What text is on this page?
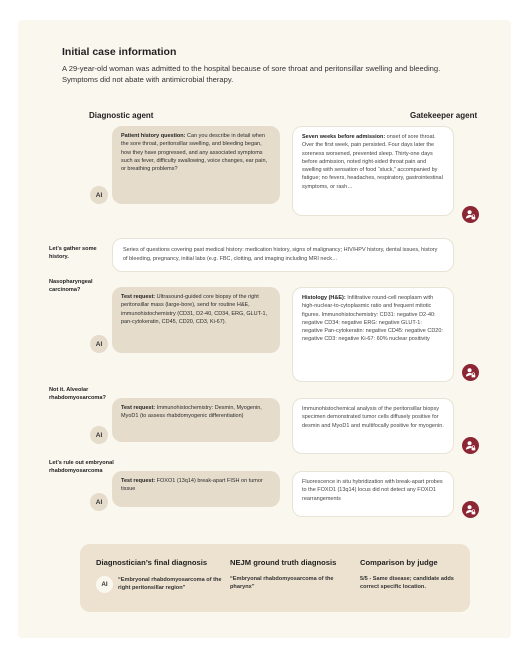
Initial case information
A 29-year-old woman was admitted to the hospital because of sore throat and peritonsillar swelling and bleeding. Symptoms did not abate with antimicrobial therapy.
Diagnostic agent	Gatekeeper agent
Patient history question: Can you describe in detail when the sore throat, peritonsillar swelling, and bleeding began, how they have progressed, and any associated symptoms such as fever, difficulty swallowing, voice changes, ear pain, or breathing problems?
AI
Seven weeks before admission: onset of sore throat. Over the first week, pain persisted. Four days later the soreness worsened, prevented sleep. Thirty-one days before admission, noted right-sided throat pain and swelling with sensation of food “stuck,” accompanied by fatigue; no fevers, headaches, respiratory, gastrointestinal symptoms, or rash…
Let’s gather some history.
Series of questions covering past medical history: medication history, signs of malignancy; HIV/HPV history, dental issues, history of bleeding, pregnancy, initial labs (e.g. FBC, clotting, and imaging including MRI neck…
Nasopharyngeal carcinoma?
Test request: Ultrasound-guided core biopsy of the right peritonsillar mass (large-bore), send for routine H&E, immunohistochemistry (CD31, D2-40, CD34, ERG, GLUT-1, pan-cytokeratin, CD45, CD20, CD3, Ki-67).
AI
Histology (H&E): Infiltrative round-cell neoplasm with high-nuclear-to-cytoplasmic ratio and frequent mitotic figures. Immunohistochemistry: CD31: negative D2-40: negative CD34: negative ERG: negative GLUT-1: negative Pan-cytokeratin: negative CD45: negative CD20: negative CD3: negative Ki-67: 60% nuclear positivity
Not it. Alveolar rhabdomyosarcoma?
Test request: Immunohistochemistry: Desmin, Myogenin, MyoD1 (to assess rhabdomyogenic differentiation)
AI
Immunohistochemical analysis of the peritonsillar biopsy specimen demonstrated tumor cells diffusely positive for desmin and MyoD1 and multifocally positive for myogenin.
Let’s rule out embryonal rhabdomyosarcoma
Test request: FOXO1 (13q14) break-apart FISH on tumor tissue
AI
Fluorescence in situ hybridization with break-apart probes to the FOXO1 (13q14) locus did not detect any FOXO1 rearrangements
Diagnostician’s final diagnosis
AI
“Embryonal rhabdomyosarcoma of the right peritonsillar region”
NEJM ground truth diagnosis
“Embryonal rhabdomyosarcoma of the pharynx”
Comparison by judge
5/5 - Same disease; candidate adds correct specific location.
